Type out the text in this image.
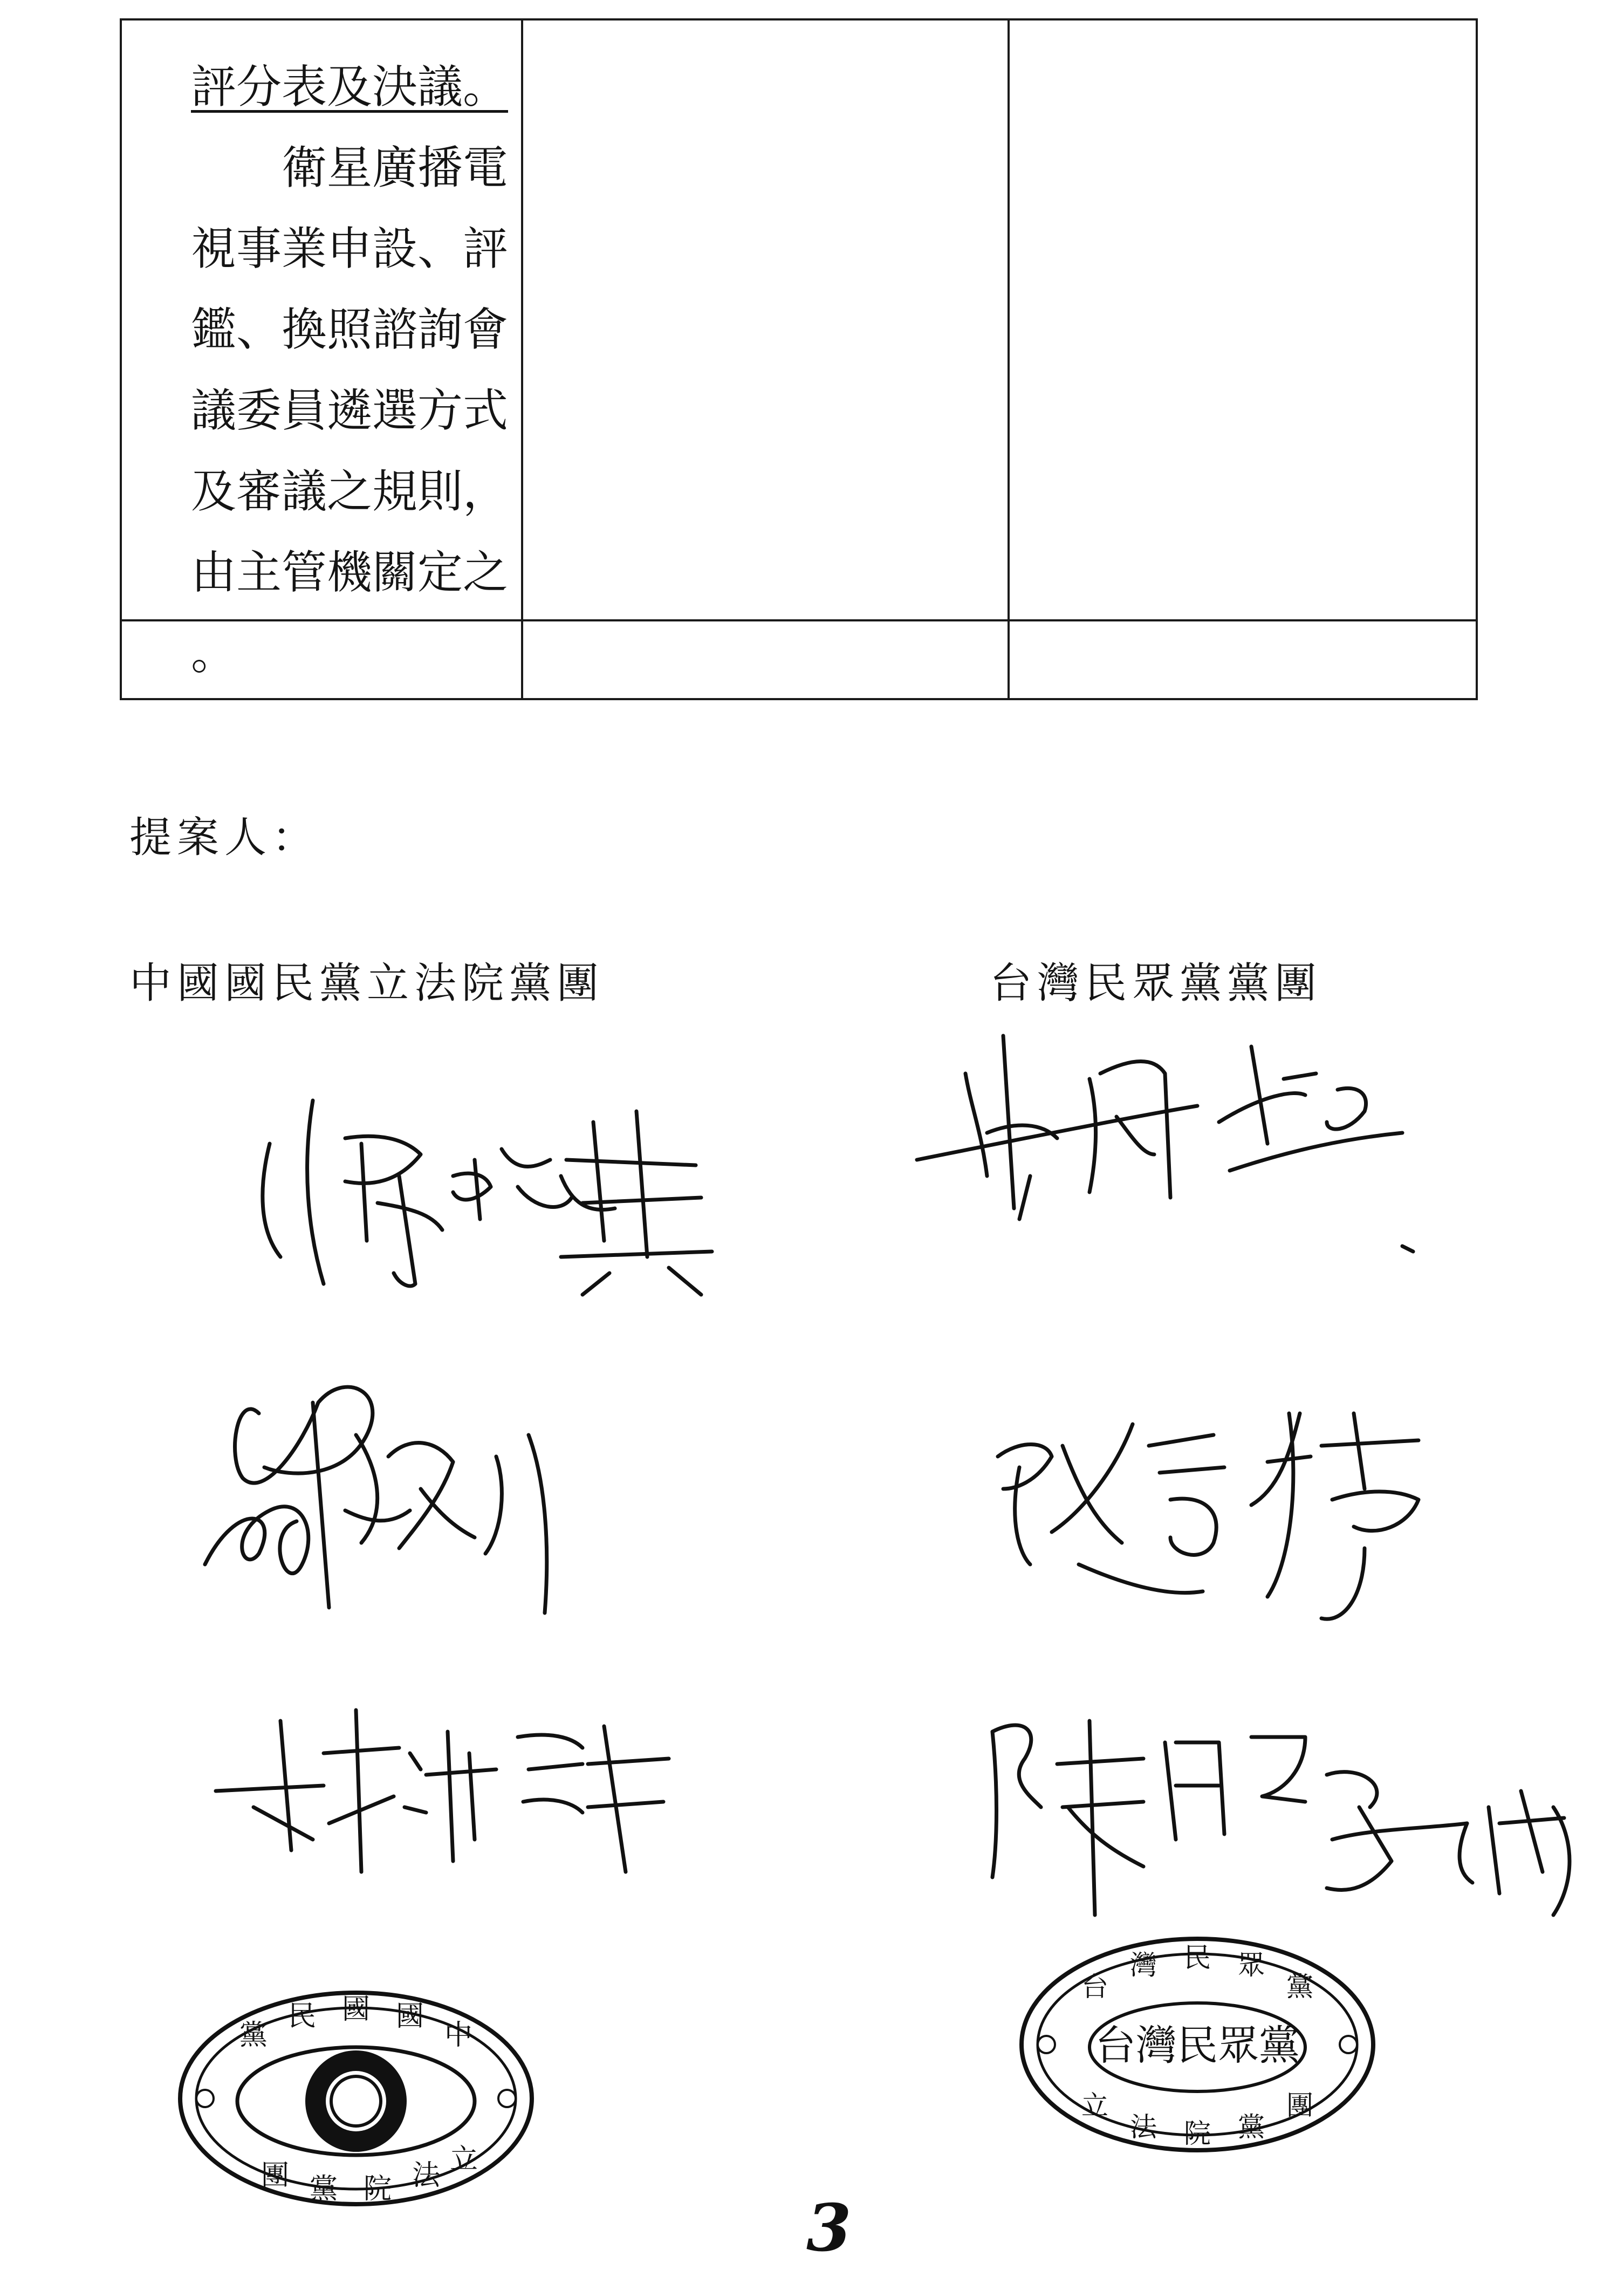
評分表及決議。

　　衛星廣播電

視事業申設、評

鑑、換照諮詢會

議委員遴選方式

及審議之規則，

由主管機關定之

。

提案人：
中國國民黨立法院黨團	台灣民眾黨黨團
黨
民 國 國
中
團 黨 院 法 立
台灣民眾黨
台
灣 民 眾
黨
立
法 院 黨
團
3
